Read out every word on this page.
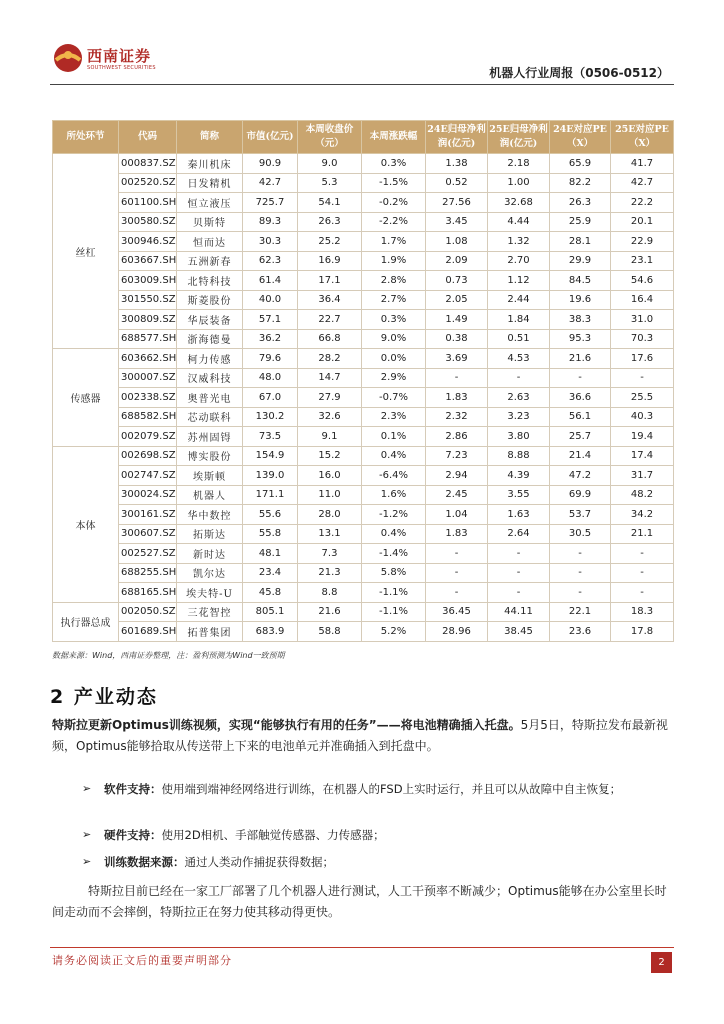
西南证券
SOUTHWEST SECURITIES	机器人行业周报（0506-0512）
所处环节	代码	简称	市值(亿元)	本周收盘价（元）	本周涨跌幅	24E归母净利润(亿元)	25E归母净利润(亿元)	24E对应PE（X）	25E对应PE（X）
丝杠	000837.SZ	秦川机床	90.9	9.0	0.3%	1.38	2.18	65.9	41.7
	002520.SZ	日发精机	42.7	5.3	-1.5%	0.52	1.00	82.2	42.7
	601100.SH	恒立液压	725.7	54.1	-0.2%	27.56	32.68	26.3	22.2
	300580.SZ	贝斯特	89.3	26.3	-2.2%	3.45	4.44	25.9	20.1
	300946.SZ	恒而达	30.3	25.2	1.7%	1.08	1.32	28.1	22.9
	603667.SH	五洲新春	62.3	16.9	1.9%	2.09	2.70	29.9	23.1
	603009.SH	北特科技	61.4	17.1	2.8%	0.73	1.12	84.5	54.6
	301550.SZ	斯菱股份	40.0	36.4	2.7%	2.05	2.44	19.6	16.4
	300809.SZ	华辰装备	57.1	22.7	0.3%	1.49	1.84	38.3	31.0
	688577.SH	浙海德曼	36.2	66.8	9.0%	0.38	0.51	95.3	70.3
传感器	603662.SH	柯力传感	79.6	28.2	0.0%	3.69	4.53	21.6	17.6
	300007.SZ	汉威科技	48.0	14.7	2.9%	-	-	-	-
	002338.SZ	奥普光电	67.0	27.9	-0.7%	1.83	2.63	36.6	25.5
	688582.SH	芯动联科	130.2	32.6	2.3%	2.32	3.23	56.1	40.3
	002079.SZ	苏州固锝	73.5	9.1	0.1%	2.86	3.80	25.7	19.4
本体	002698.SZ	博实股份	154.9	15.2	0.4%	7.23	8.88	21.4	17.4
	002747.SZ	埃斯顿	139.0	16.0	-6.4%	2.94	4.39	47.2	31.7
	300024.SZ	机器人	171.1	11.0	1.6%	2.45	3.55	69.9	48.2
	300161.SZ	华中数控	55.6	28.0	-1.2%	1.04	1.63	53.7	34.2
	300607.SZ	拓斯达	55.8	13.1	0.4%	1.83	2.64	30.5	21.1
	002527.SZ	新时达	48.1	7.3	-1.4%	-	-	-	-
	688255.SH	凯尔达	23.4	21.3	5.8%	-	-	-	-
	688165.SH	埃夫特-U	45.8	8.8	-1.1%	-	-	-	-
执行器总成	002050.SZ	三花智控	805.1	21.6	-1.1%	36.45	44.11	22.1	18.3
	601689.SH	拓普集团	683.9	58.8	5.2%	28.96	38.45	23.6	17.8
数据来源：Wind，西南证券整理，注：盈利预测为Wind一致预期
2 产业动态
特斯拉更新Optimus训练视频，实现“能够执行有用的任务”——将电池精确插入托盘。5月5日，特斯拉发布最新视频，Optimus能够拾取从传送带上下来的电池单元并准确插入到托盘中。
➢ 软件支持：使用端到端神经网络进行训练，在机器人的FSD上实时运行，并且可以从故障中自主恢复；
➢ 硬件支持：使用2D相机、手部触觉传感器、力传感器；
➢ 训练数据来源：通过人类动作捕捉获得数据；
特斯拉目前已经在一家工厂部署了几个机器人进行测试，人工干预率不断减少；Optimus能够在办公室里长时间走动而不会摔倒，特斯拉正在努力使其移动得更快。
请务必阅读正文后的重要声明部分	2
